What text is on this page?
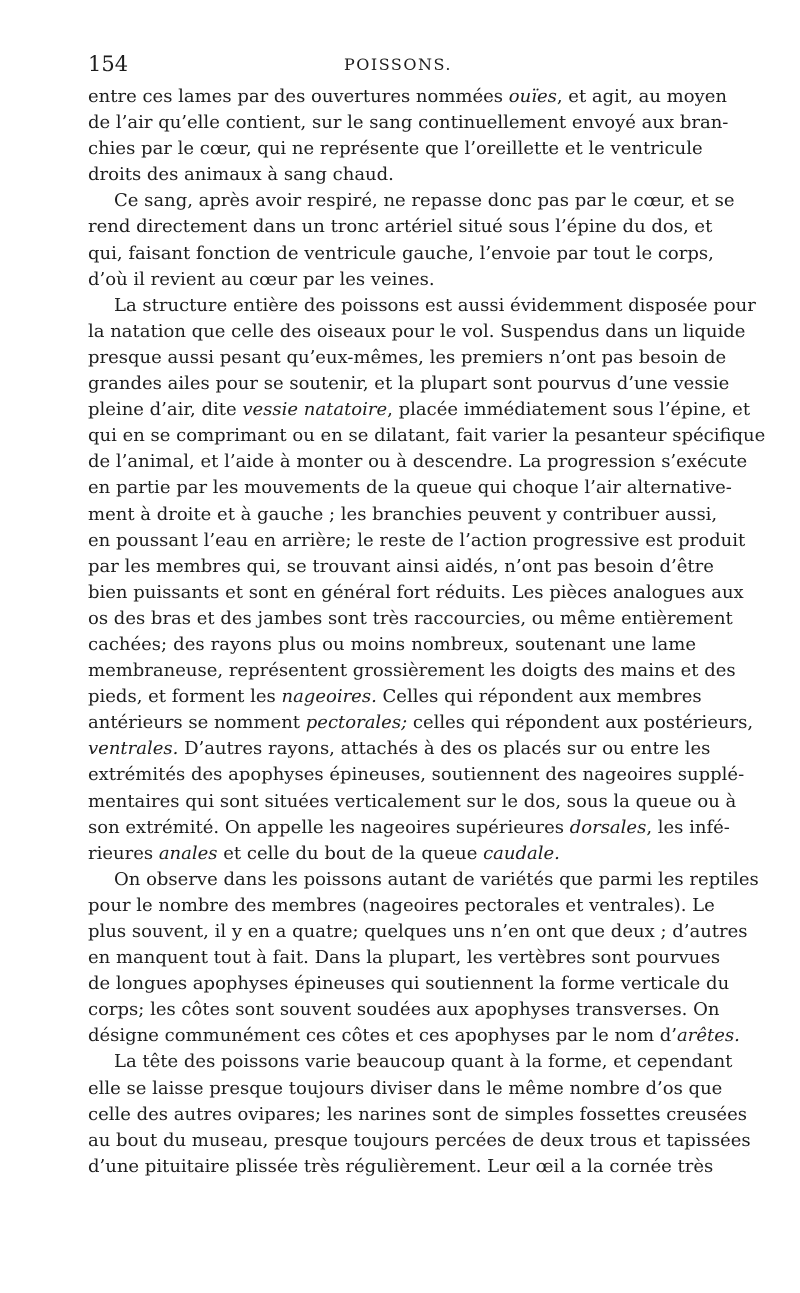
154	POISSONS.
entre ces lames par des ouvertures nommées ouïes, et agit, au moyen
de l’air qu’elle contient, sur le sang continuellement envoyé aux bran-
chies par le cœur, qui ne représente que l’oreillette et le ventricule
droits des animaux à sang chaud.
Ce sang, après avoir respiré, ne repasse donc pas par le cœur, et se
rend directement dans un tronc artériel situé sous l’épine du dos, et
qui, faisant fonction de ventricule gauche, l’envoie par tout le corps,
d’où il revient au cœur par les veines.
La structure entière des poissons est aussi évidemment disposée pour
la natation que celle des oiseaux pour le vol. Suspendus dans un liquide
presque aussi pesant qu’eux-mêmes, les premiers n’ont pas besoin de
grandes ailes pour se soutenir, et la plupart sont pourvus d’une vessie
pleine d’air, dite vessie natatoire, placée immédiatement sous l’épine, et
qui en se comprimant ou en se dilatant, fait varier la pesanteur spécifique
de l’animal, et l’aide à monter ou à descendre. La progression s’exécute
en partie par les mouvements de la queue qui choque l’air alternative-
ment à droite et à gauche ; les branchies peuvent y contribuer aussi,
en poussant l’eau en arrière; le reste de l’action progressive est produit
par les membres qui, se trouvant ainsi aidés, n’ont pas besoin d’être
bien puissants et sont en général fort réduits. Les pièces analogues aux
os des bras et des jambes sont très raccourcies, ou même entièrement
cachées; des rayons plus ou moins nombreux, soutenant une lame
membraneuse, représentent grossièrement les doigts des mains et des
pieds, et forment les nageoires. Celles qui répondent aux membres
antérieurs se nomment pectorales; celles qui répondent aux postérieurs,
ventrales. D’autres rayons, attachés à des os placés sur ou entre les
extrémités des apophyses épineuses, soutiennent des nageoires supplé-
mentaires qui sont situées verticalement sur le dos, sous la queue ou à
son extrémité. On appelle les nageoires supérieures dorsales, les infé-
rieures anales et celle du bout de la queue caudale.
On observe dans les poissons autant de variétés que parmi les reptiles
pour le nombre des membres (nageoires pectorales et ventrales). Le
plus souvent, il y en a quatre; quelques uns n’en ont que deux ; d’autres
en manquent tout à fait. Dans la plupart, les vertèbres sont pourvues
de longues apophyses épineuses qui soutiennent la forme verticale du
corps; les côtes sont souvent soudées aux apophyses transverses. On
désigne communément ces côtes et ces apophyses par le nom d’arêtes.
La tête des poissons varie beaucoup quant à la forme, et cependant
elle se laisse presque toujours diviser dans le même nombre d’os que
celle des autres ovipares; les narines sont de simples fossettes creusées
au bout du museau, presque toujours percées de deux trous et tapissées
d’une pituitaire plissée très régulièrement. Leur œil a la cornée très
